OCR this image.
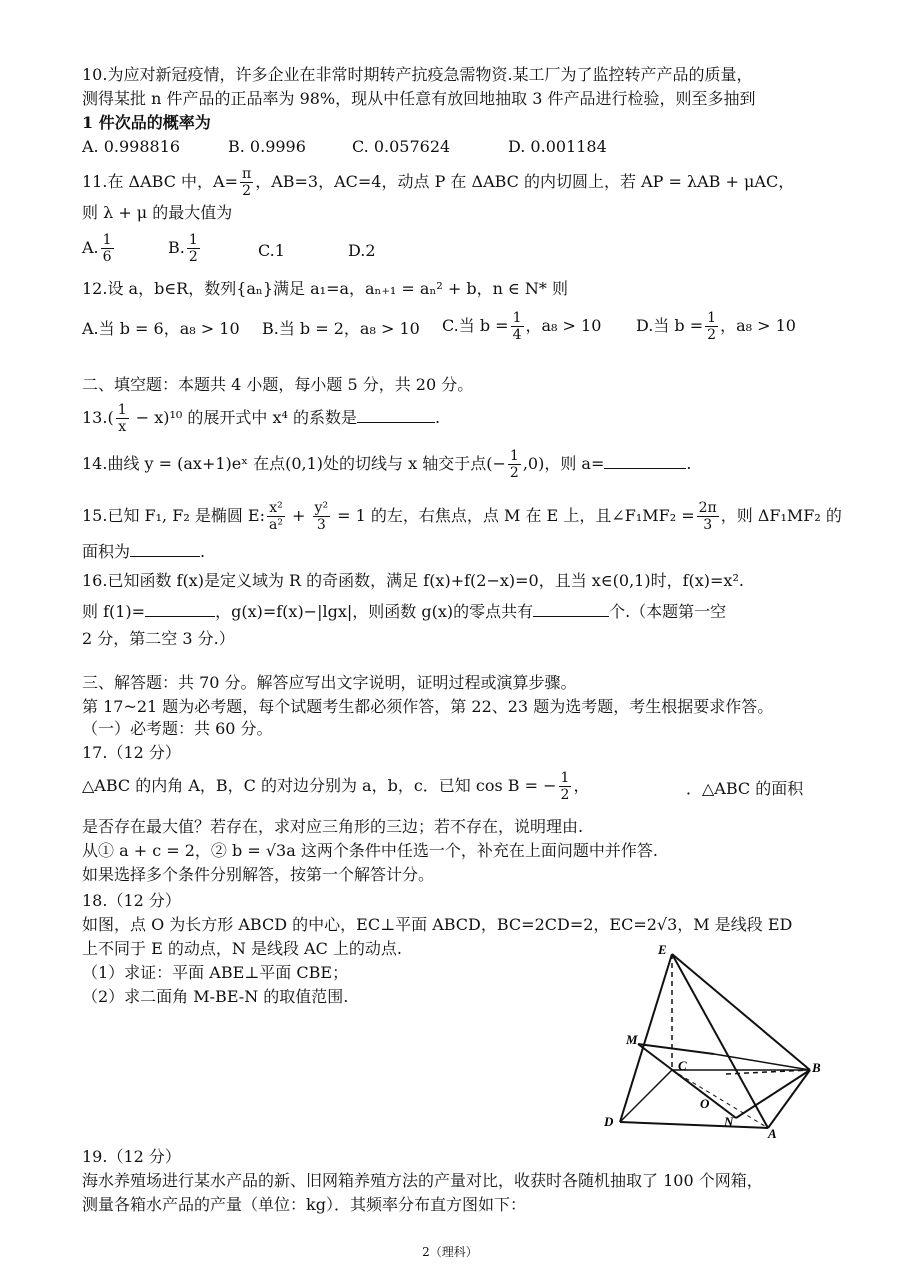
10.为应对新冠疫情，许多企业在非常时期转产抗疫急需物资.某工厂为了监控转产产品的质量，
测得某批 n 件产品的正品率为 98%，现从中任意有放回地抽取 3 件产品进行检验，则至多抽到
1 件次品的概率为
A. 0.998816	B. 0.9996	C. 0.057624	D. 0.001184
11.在 ΔABC 中，$A= \frac{\pi}{2}$ ，AB=3，AC=4，动点 P 在 ΔABC 的内切圆上，若 AP = λAB + μAC，
则 λ + μ 的最大值为
A. $\frac{1}{6}$	B. $\frac{1}{2}$	C.1	D.2
12.设 a，b∈R，数列{aₙ}满足 a₁=a，aₙ₊₁ = aₙ² + b，n ∈ N* 则
A.当 b = 6，a₈ > 10 B.当 b = 2，a₈ > 10 C.当 $b = \frac{1}{4}$ ，a₈ > 10 D.当 $b = \frac{1}{2}$ ，a₈ > 10
二、填空题：本题共 4 小题，每小题 5 分，共 20 分。
$13.( \frac{1}{x} - x)^{10}$ 的展开式中 x⁴ 的系数是	.
14.曲线 y = (ax+1)eˣ 在点(0,1)处的切线与 x 轴交于点(− $\frac{1}{2} ,0$)，则 a=	.
15.已知 F₁, F₂ 是椭圆 E: $\frac{\text{x²}}{\text{a²}} + \frac{\text{y²}}{3} = 1$ 的左，右焦点，点 M 在 E 上，且∠F₁MF₂ = $\frac{2\pi}{3}$ ，则 ΔF₁MF₂ 的
面积为	.
16.已知函数 f(x)是定义域为 R 的奇函数，满足 f(x)+f(2−x)=0，且当 x∈(0,1)时，f(x)=x².
则 f(1)=	，g(x)=f(x)−|lgx|，则函数 g(x)的零点共有	个.（本题第一空
2 分，第二空 3 分.）
三、解答题：共 70 分。解答应写出文字说明，证明过程或演算步骤。
第 17~21 题为必考题，每个试题考生都必须作答，第 22、23 题为选考题，考生根据要求作答。
（一）必考题：共 60 分。
17.（12 分）
△ABC 的内角 A，B，C 的对边分别为 a，b，c．已知 cos B = − $\frac{1}{2}$ ，	．△ABC 的面积
是否存在最大值？若存在，求对应三角形的三边；若不存在，说明理由.
从① a + c = 2，② b = √3a 这两个条件中任选一个，补充在上面问题中并作答.
如果选择多个条件分别解答，按第一个解答计分。
18.（12 分）
如图，点 O 为长方形 ABCD 的中心，EC⊥平面 ABCD，BC=2CD=2，EC=2√3，M 是线段 ED
上不同于 E 的动点，N 是线段 AC 上的动点.
（1）求证：平面 ABE⊥平面 CBE；
（2）求二面角 M-BE-N 的取值范围.
E
M
C	B
O
D	N
A
19.（12 分）
海水养殖场进行某水产品的新、旧网箱养殖方法的产量对比，收获时各随机抽取了 100 个网箱，
测量各箱水产品的产量（单位：kg）．其频率分布直方图如下：
2（理科）
